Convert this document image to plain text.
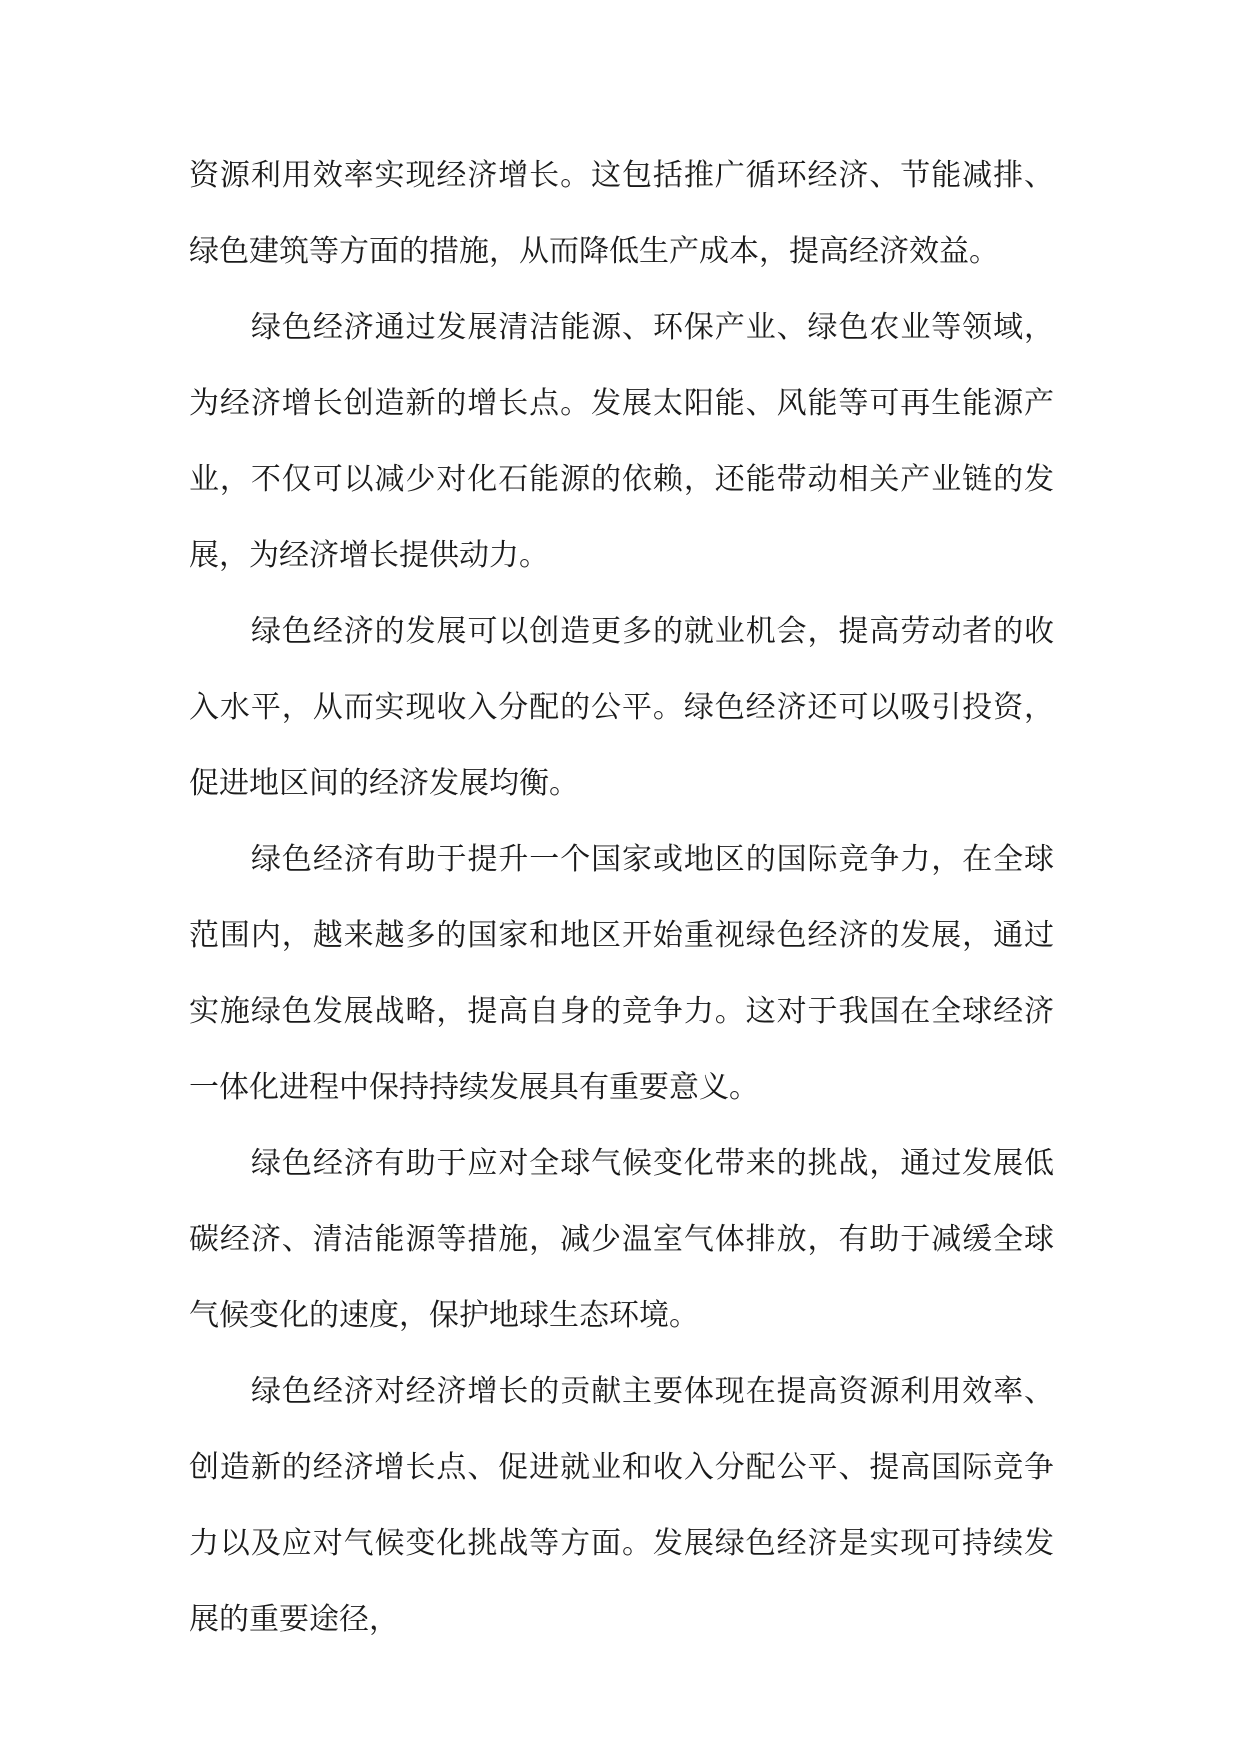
资源利用效率实现经济增长。这包括推广循环经济、节能减排、绿色建筑等方面的措施，从而降低生产成本，提高经济效益。

绿色经济通过发展清洁能源、环保产业、绿色农业等领域，为经济增长创造新的增长点。发展太阳能、风能等可再生能源产业，不仅可以减少对化石能源的依赖，还能带动相关产业链的发展，为经济增长提供动力。

绿色经济的发展可以创造更多的就业机会，提高劳动者的收入水平，从而实现收入分配的公平。绿色经济还可以吸引投资，促进地区间的经济发展均衡。

绿色经济有助于提升一个国家或地区的国际竞争力，在全球范围内，越来越多的国家和地区开始重视绿色经济的发展，通过实施绿色发展战略，提高自身的竞争力。这对于我国在全球经济一体化进程中保持持续发展具有重要意义。

绿色经济有助于应对全球气候变化带来的挑战，通过发展低碳经济、清洁能源等措施，减少温室气体排放，有助于减缓全球气候变化的速度，保护地球生态环境。

绿色经济对经济增长的贡献主要体现在提高资源利用效率、创造新的经济增长点、促进就业和收入分配公平、提高国际竞争力以及应对气候变化挑战等方面。发展绿色经济是实现可持续发展的重要途径，
